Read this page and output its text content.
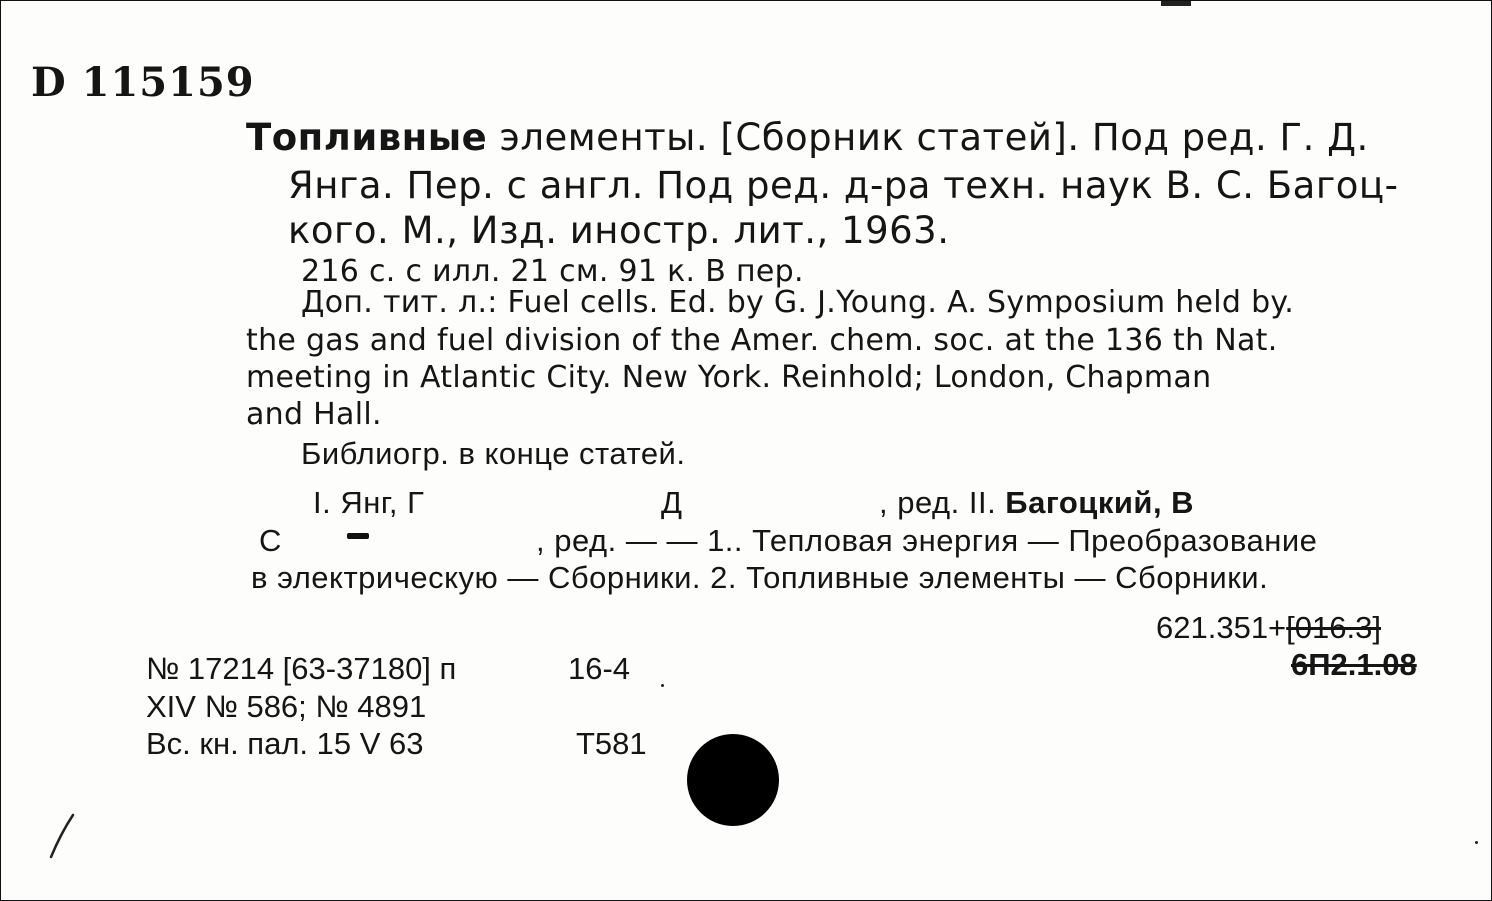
D 115159
Топливные элементы. [Сборник статей]. Под ред. Г. Д.
Янга. Пер. с англ. Под ред. д-ра техн. наук В. С. Багоц-
кого. М., Изд. иностр. лит., 1963.
216 с. с илл. 21 см. 91 к. В пер.
Доп. тит. л.: Fuel cells. Ed. by G. J.Young. A. Symposium held by.
the gas and fuel division of the Amer. chem. soc. at the 136 th Nat.
meeting in Atlantic City. New York. Reinhold; London, Chapman
and Hall.
Библиогр. в конце статей.
I. Янг, Г	Д	, ред. II. Багоцкий, В
С	, ред. — — 1.. Тепловая энергия — Преобразование
в электрическую — Сборники. 2. Топливные элементы — Сборники.
621.351+[016.3]
6П2.1.08
№ 17214 [63-37180] п	16-4
XIV № 586; № 4891
Вс. кн. пал. 15 V 63	Т581
